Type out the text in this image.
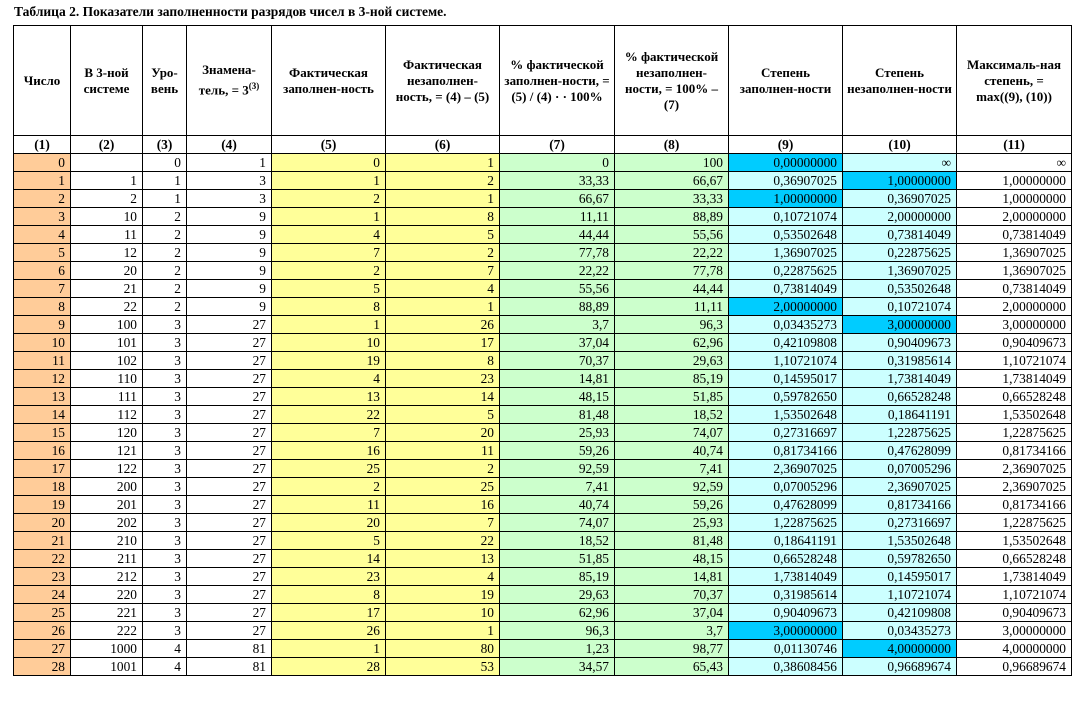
Таблица 2. Показатели заполненности разрядов чисел в 3-ной системе.
Число	В 3-ной системе	Уро-вень	Знамена-тель, = $3^{(3)}$	Фактическая заполнен-ность	Фактическая незаполнен-ность, = (4) – (5)	% фактической заполнен-ности, = (5) / (4) · · 100%	% фактической незаполнен-ности, = 100% – (7)	Степень заполнен-ности	Степень незаполнен-ности	Максималь-ная степень, = max((9), (10))
(1)	(2)	(3)	(4)	(5)	(6)	(7)	(8)	(9)	(10)	(11)
0		0	1	0	1	0	100	0,00000000	∞	∞
1	1	1	3	1	2	33,33	66,67	0,36907025	1,00000000	1,00000000
2	2	1	3	2	1	66,67	33,33	1,00000000	0,36907025	1,00000000
3	10	2	9	1	8	11,11	88,89	0,10721074	2,00000000	2,00000000
4	11	2	9	4	5	44,44	55,56	0,53502648	0,73814049	0,73814049
5	12	2	9	7	2	77,78	22,22	1,36907025	0,22875625	1,36907025
6	20	2	9	2	7	22,22	77,78	0,22875625	1,36907025	1,36907025
7	21	2	9	5	4	55,56	44,44	0,73814049	0,53502648	0,73814049
8	22	2	9	8	1	88,89	11,11	2,00000000	0,10721074	2,00000000
9	100	3	27	1	26	3,7	96,3	0,03435273	3,00000000	3,00000000
10	101	3	27	10	17	37,04	62,96	0,42109808	0,90409673	0,90409673
11	102	3	27	19	8	70,37	29,63	1,10721074	0,31985614	1,10721074
12	110	3	27	4	23	14,81	85,19	0,14595017	1,73814049	1,73814049
13	111	3	27	13	14	48,15	51,85	0,59782650	0,66528248	0,66528248
14	112	3	27	22	5	81,48	18,52	1,53502648	0,18641191	1,53502648
15	120	3	27	7	20	25,93	74,07	0,27316697	1,22875625	1,22875625
16	121	3	27	16	11	59,26	40,74	0,81734166	0,47628099	0,81734166
17	122	3	27	25	2	92,59	7,41	2,36907025	0,07005296	2,36907025
18	200	3	27	2	25	7,41	92,59	0,07005296	2,36907025	2,36907025
19	201	3	27	11	16	40,74	59,26	0,47628099	0,81734166	0,81734166
20	202	3	27	20	7	74,07	25,93	1,22875625	0,27316697	1,22875625
21	210	3	27	5	22	18,52	81,48	0,18641191	1,53502648	1,53502648
22	211	3	27	14	13	51,85	48,15	0,66528248	0,59782650	0,66528248
23	212	3	27	23	4	85,19	14,81	1,73814049	0,14595017	1,73814049
24	220	3	27	8	19	29,63	70,37	0,31985614	1,10721074	1,10721074
25	221	3	27	17	10	62,96	37,04	0,90409673	0,42109808	0,90409673
26	222	3	27	26	1	96,3	3,7	3,00000000	0,03435273	3,00000000
27	1000	4	81	1	80	1,23	98,77	0,01130746	4,00000000	4,00000000
28	1001	4	81	28	53	34,57	65,43	0,38608456	0,96689674	0,96689674
